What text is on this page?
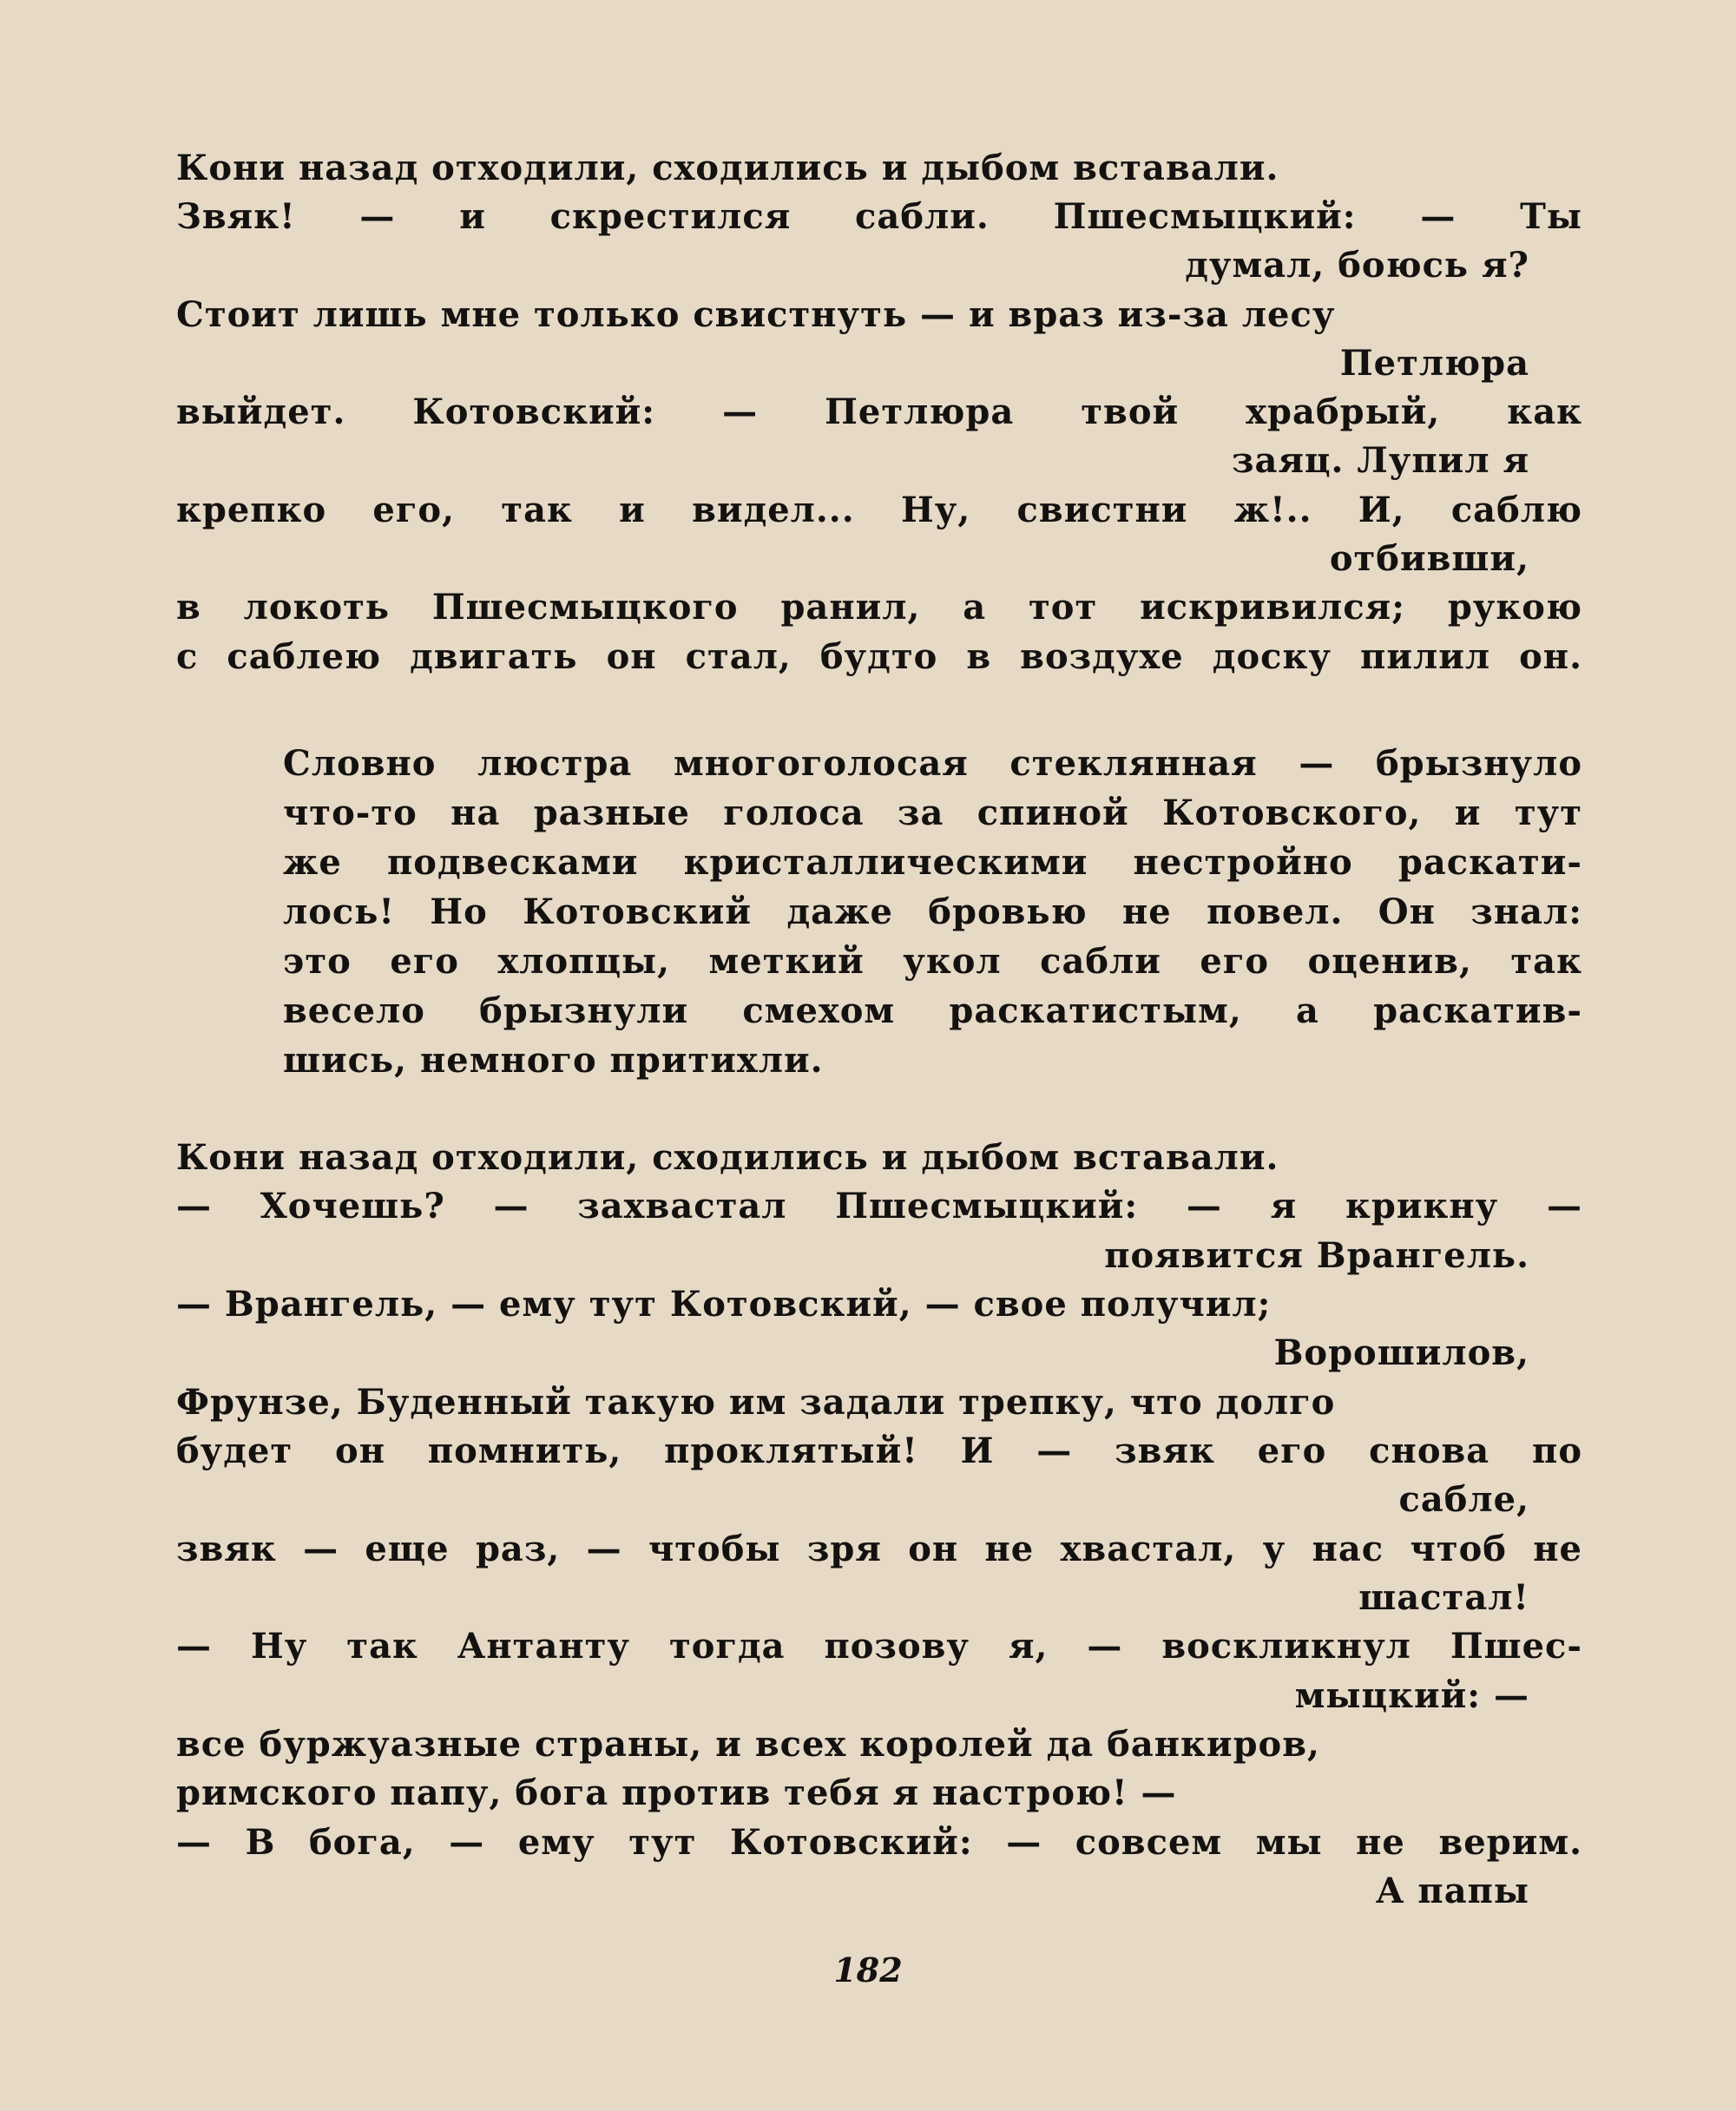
Кони назад отходили, сходились и дыбом вставали.
Звяк! — и скрестился сабли. Пшесмыцкий: — Ты
думал, боюсь я?
Стоит лишь мне только свистнуть — и враз из-за лесу
Петлюра
выйдет. Котовский: — Петлюра твой храбрый, как
заяц. Лупил я
крепко его, так и видел... Ну, свистни ж!.. И, саблю
отбивши,
в локоть Пшесмыцкого ранил, а тот искривился; рукою
с саблею двигать он стал, будто в воздухе доску пилил он.
Словно люстра многоголосая стеклянная — брызнуло
что-то на разные голоса за спиной Котовского, и тут
же подвесками кристаллическими нестройно раскати-
лось! Но Котовский даже бровью не повел. Он знал:
это его хлопцы, меткий укол сабли его оценив, так
весело брызнули смехом раскатистым, а раскатив-
шись, немного притихли.
Кони назад отходили, сходились и дыбом вставали.
— Хочешь? — захвастал Пшесмыцкий: — я крикну —
появится Врангель.
— Врангель, — ему тут Котовский, — свое получил;
Ворошилов,
Фрунзе, Буденный такую им задали трепку, что долго
будет он помнить, проклятый! И — звяк его снова по
сабле,
звяк — еще раз, — чтобы зря он не хвастал, у нас чтоб не
шастал!
— Ну так Антанту тогда позову я, — воскликнул Пшес-
мыцкий: —
все буржуазные страны, и всех королей да банкиров,
римского папу, бога против тебя я настрою! —
— В бога, — ему тут Котовский: — совсем мы не верим.
А папы
182
